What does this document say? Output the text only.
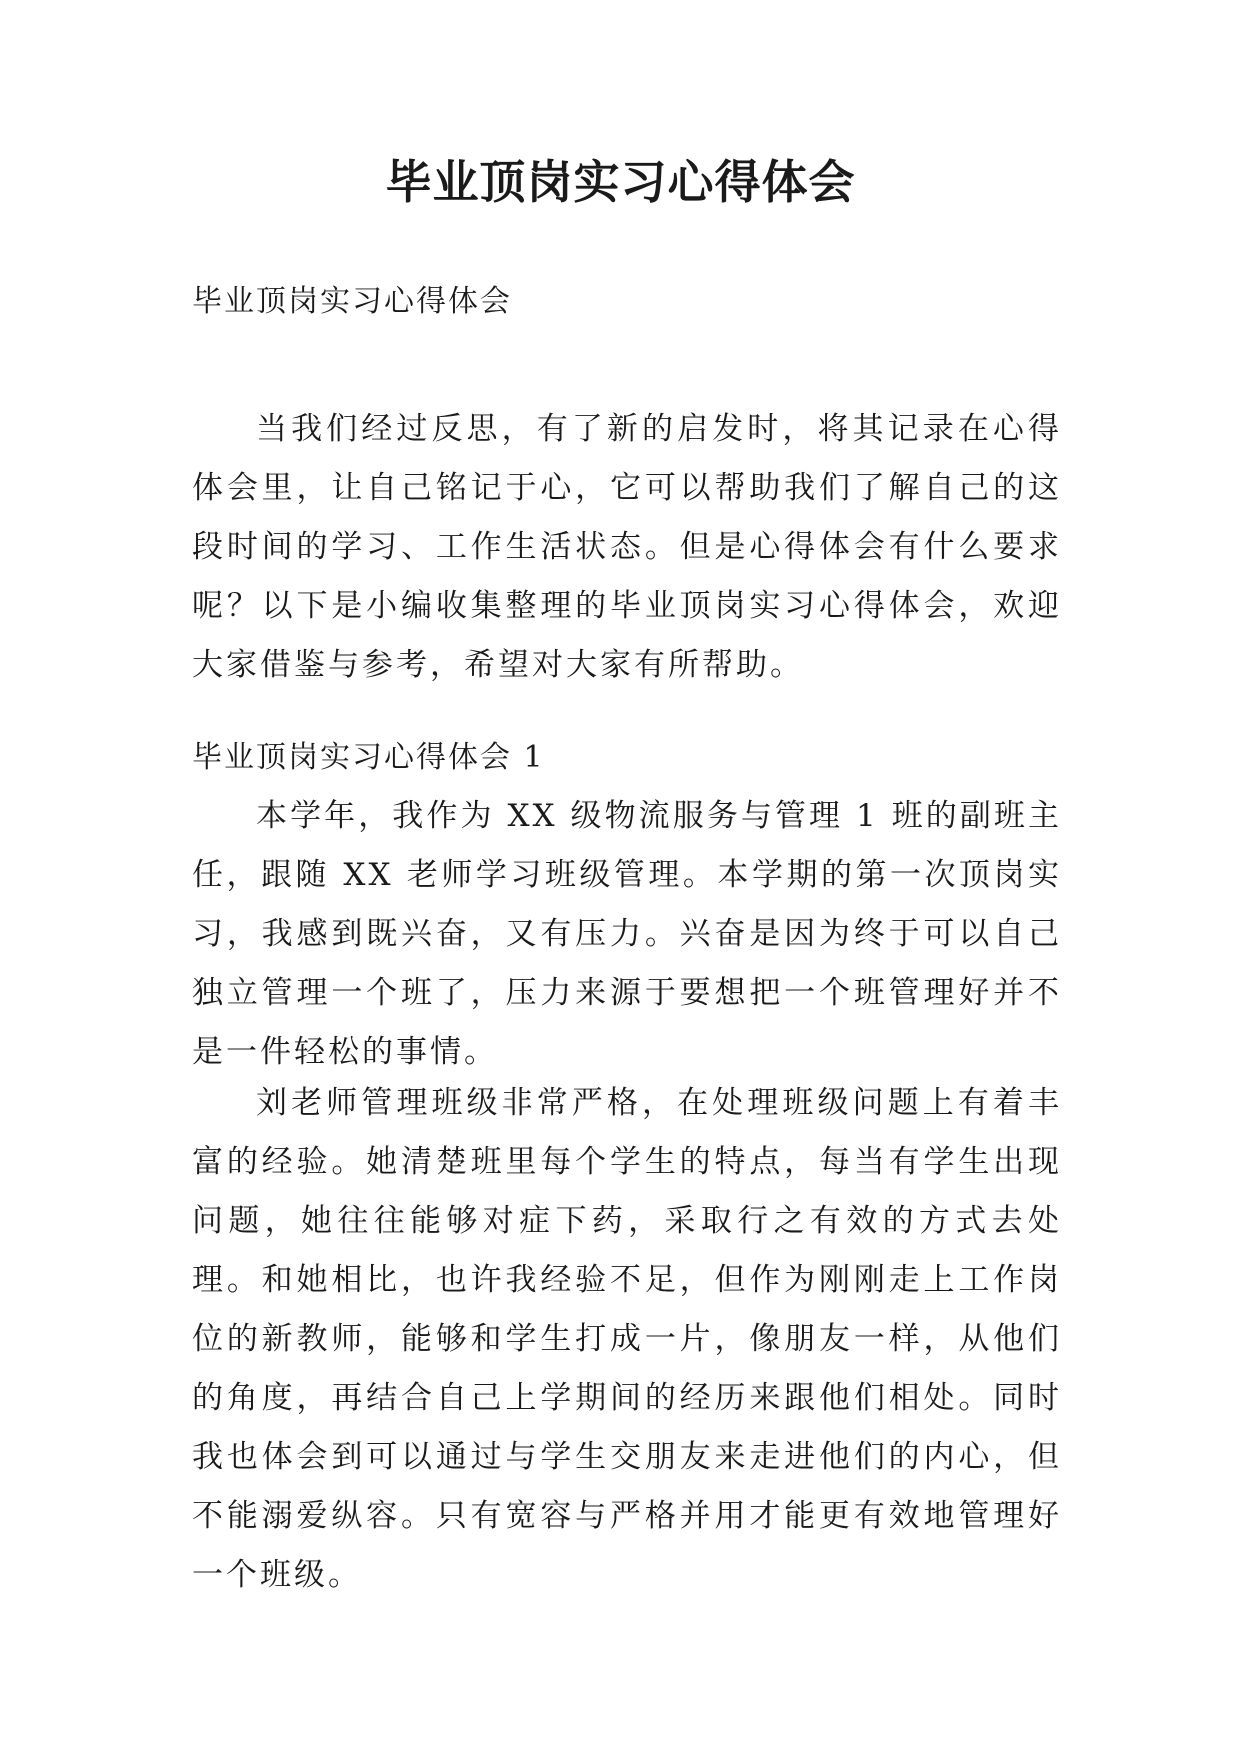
毕业顶岗实习心得体会

毕业顶岗实习心得体会

当我们经过反思，有了新的启发时，将其记录在心得体会里，让自己铭记于心，它可以帮助我们了解自己的这段时间的学习、工作生活状态。但是心得体会有什么要求呢？以下是小编收集整理的毕业顶岗实习心得体会，欢迎大家借鉴与参考，希望对大家有所帮助。

毕业顶岗实习心得体会 1

本学年，我作为 XX 级物流服务与管理 1 班的副班主任，跟随 XX 老师学习班级管理。本学期的第一次顶岗实习，我感到既兴奋，又有压力。兴奋是因为终于可以自己独立管理一个班了，压力来源于要想把一个班管理好并不是一件轻松的事情。

刘老师管理班级非常严格，在处理班级问题上有着丰富的经验。她清楚班里每个学生的特点，每当有学生出现问题，她往往能够对症下药，采取行之有效的方式去处理。和她相比，也许我经验不足，但作为刚刚走上工作岗位的新教师，能够和学生打成一片，像朋友一样，从他们的角度，再结合自己上学期间的经历来跟他们相处。同时我也体会到可以通过与学生交朋友来走进他们的内心，但不能溺爱纵容。只有宽容与严格并用才能更有效地管理好一个班级。
